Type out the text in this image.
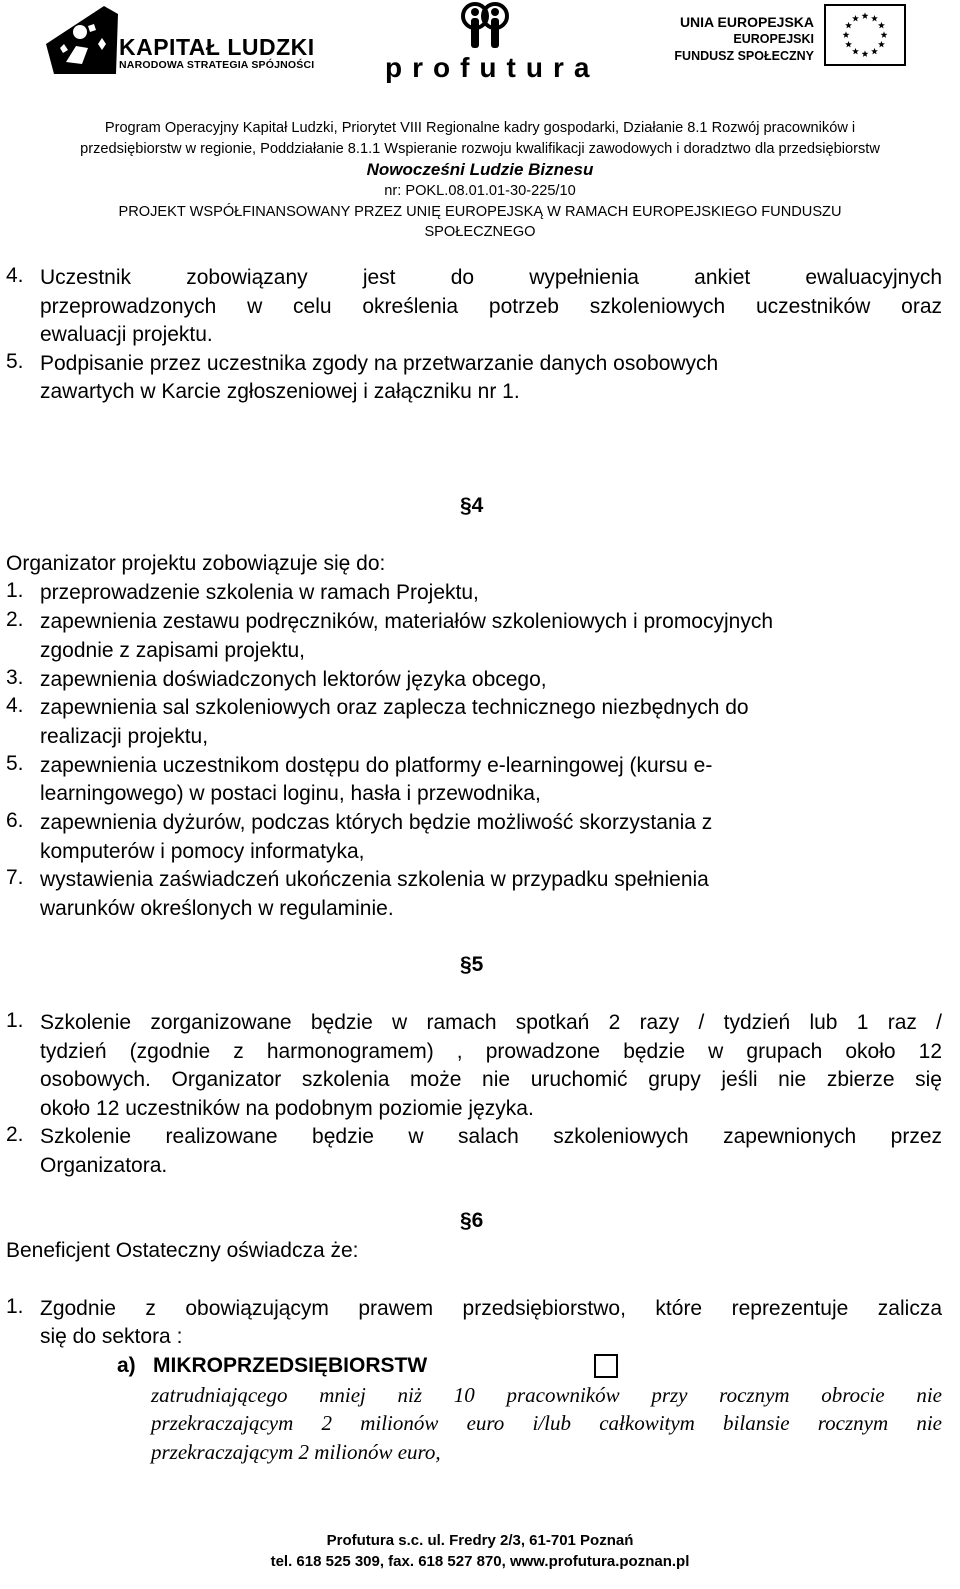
KAPITAŁ LUDZKI
NARODOWA STRATEGIA SPÓJNOŚCI	profutura
UNIA EUROPEJSKA
EUROPEJSKI
FUNDUSZ SPOŁECZNY
Program Operacyjny Kapitał Ludzki, Priorytet VIII Regionalne kadry gospodarki, Działanie 8.1 Rozwój pracowników i
przedsiębiorstw w regionie, Poddziałanie 8.1.1 Wspieranie rozwoju kwalifikacji zawodowych i doradztwo dla przedsiębiorstw
Nowocześni Ludzie Biznesu
nr: POKL.08.01.01-30-225/10
PROJEKT WSPÓŁFINANSOWANY PRZEZ UNIĘ EUROPEJSKĄ W RAMACH EUROPEJSKIEGO FUNDUSZU
SPOŁECZNEGO
4. Uczestnik zobowiązany jest do wypełnienia ankiet ewaluacyjnych
przeprowadzonych w celu określenia potrzeb szkoleniowych uczestników oraz
ewaluacji projektu.
5. Podpisanie przez uczestnika zgody na przetwarzanie danych osobowych
zawartych w Karcie zgłoszeniowej i załączniku nr 1.
§4
Organizator projektu zobowiązuje się do:
1. przeprowadzenie szkolenia w ramach Projektu,
2. zapewnienia zestawu podręczników, materiałów szkoleniowych i promocyjnych
zgodnie z zapisami projektu,
3. zapewnienia doświadczonych lektorów języka obcego,
4. zapewnienia sal szkoleniowych oraz zaplecza technicznego niezbędnych do
realizacji projektu,
5. zapewnienia uczestnikom dostępu do platformy e-learningowej (kursu e-
learningowego) w postaci loginu, hasła i przewodnika,
6. zapewnienia dyżurów, podczas których będzie możliwość skorzystania z
komputerów i pomocy informatyka,
7. wystawienia zaświadczeń ukończenia szkolenia w przypadku spełnienia
warunków określonych w regulaminie.
§5
1. Szkolenie zorganizowane będzie w ramach spotkań 2 razy / tydzień lub 1 raz /
tydzień (zgodnie z harmonogramem) , prowadzone będzie w grupach około 12
osobowych. Organizator szkolenia może nie uruchomić grupy jeśli nie zbierze się
około 12 uczestników na podobnym poziomie języka.
2. Szkolenie realizowane będzie w salach szkoleniowych zapewnionych przez
Organizatora.
§6
Beneficjent Ostateczny oświadcza że:
1. Zgodnie z obowiązującym prawem przedsiębiorstwo, które reprezentuje zalicza
się do sektora :
a) MIKROPRZEDSIĘBIORSTW
zatrudniającego mniej niż 10 pracowników przy rocznym obrocie nie
przekraczającym 2 milionów euro i/lub całkowitym bilansie rocznym nie
przekraczającym 2 milionów euro,
Profutura s.c. ul. Fredry 2/3, 61-701 Poznań
tel. 618 525 309, fax. 618 527 870, www.profutura.poznan.pl
